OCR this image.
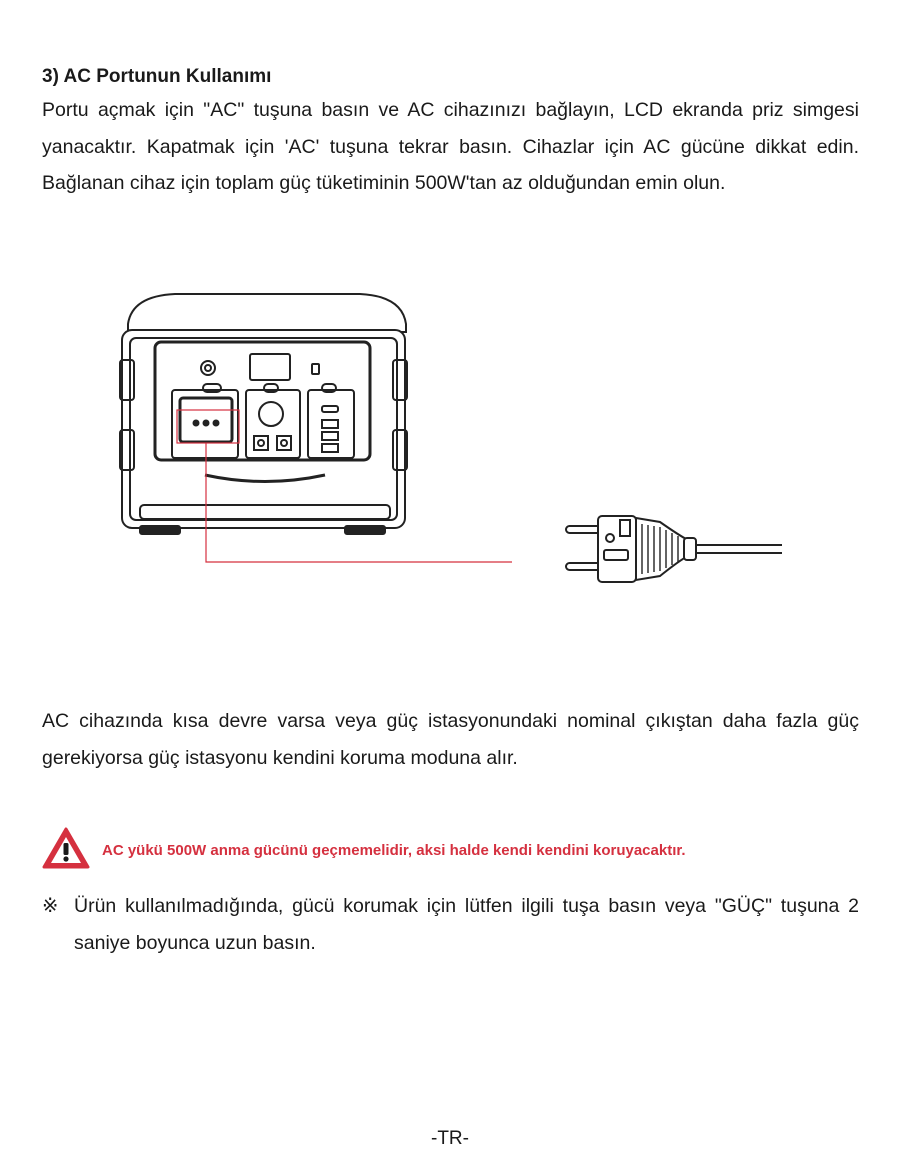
3) AC Portunun Kullanımı
Portu açmak için "AC" tuşuna basın ve AC cihazınızı bağlayın, LCD ekranda priz simgesi yanacaktır. Kapatmak için 'AC' tuşuna tekrar basın. Cihazlar için AC gücüne dikkat edin. Bağlanan cihaz için toplam güç tüketiminin 500W'tan az olduğundan emin olun.
AC cihazında kısa devre varsa veya güç istasyonundaki nominal çıkıştan daha fazla güç gerekiyorsa güç istasyonu kendini koruma moduna alır.
AC yükü 500W anma gücünü geçmemelidir, aksi halde kendi kendini koruyacaktır.
※ Ürün kullanılmadığında, gücü korumak için lütfen ilgili tuşa basın veya "GÜÇ" tuşuna 2 saniye boyunca uzun basın.
-TR-
